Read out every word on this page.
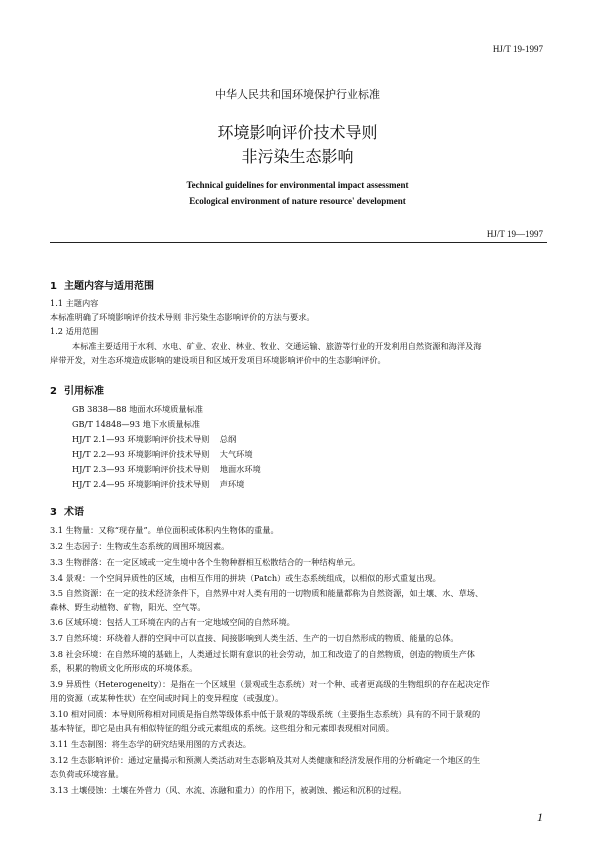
HJ/T 19-1997
中华人民共和国环境保护行业标准
环境影响评价技术导则
非污染生态影响
Technical guidelines for environmental impact assessment
Ecological environment of nature resource' development
HJ/T 19—1997
1 主题内容与适用范围
1.1 主题内容
本标准明确了环境影响评价技术导则 非污染生态影响评价的方法与要求。
1.2 适用范围
本标准主要适用于水利、水电、矿业、农业、林业、牧业、交通运输、旅游等行业的开发利用自然资源和海洋及海
岸带开发，对生态环境造成影响的建设项目和区域开发项目环境影响评价中的生态影响评价。
2 引用标准
GB 3838—88 地面水环境质量标准
GB/T 14848—93 地下水质量标准
HJ/T 2.1—93 环境影响评价技术导则    总纲
HJ/T 2.2—93 环境影响评价技术导则    大气环境
HJ/T 2.3—93 环境影响评价技术导则    地面水环境
HJ/T 2.4—95 环境影响评价技术导则    声环境
3 术语
3.1 生物量：又称“现存量”。单位面积或体积内生物体的重量。
3.2 生态因子：生物或生态系统的周围环境因素。
3.3 生物群落：在一定区域或一定生境中各个生物种群相互松散结合的一种结构单元。
3.4 景观：一个空间异质性的区域，由相互作用的拼块（Patch）或生态系统组成，以相似的形式重复出现。
3.5 自然资源：在一定的技术经济条件下，自然界中对人类有用的一切物质和能量都称为自然资源，如土壤、水、草场、
森林、野生动植物、矿物，阳光、空气等。
3.6 区域环境：包括人工环境在内的占有一定地域空间的自然环境。
3.7 自然环境：环绕着人群的空间中可以直接、间接影响到人类生活、生产的一切自然形成的物质、能量的总体。
3.8 社会环境：在自然环境的基础上，人类通过长期有意识的社会劳动，加工和改造了的自然物质，创造的物质生产体
系，积累的物质文化所形成的环境体系。
3.9 异质性（Heterogeneity）：是指在一个区域里（景观或生态系统）对一个种、或者更高级的生物组织的存在起决定作
用的资源（或某种性状）在空间或时间上的变异程度（或强度）。
3.10 相对同质：本导则所称相对同质是指自然等级体系中低于景观的等级系统（主要指生态系统）具有的不同于景观的
基本特征，即它是由具有相似特征的组分或元素组成的系统。这些组分和元素即表现相对同质。
3.11 生态制图：将生态学的研究结果用图的方式表达。
3.12 生态影响评价：通过定量揭示和预测人类活动对生态影响及其对人类健康和经济发展作用的分析确定一个地区的生
态负荷或环境容量。
3.13 土壤侵蚀：土壤在外营力（风、水流、冻融和重力）的作用下，被剥蚀、搬运和沉积的过程。
1
